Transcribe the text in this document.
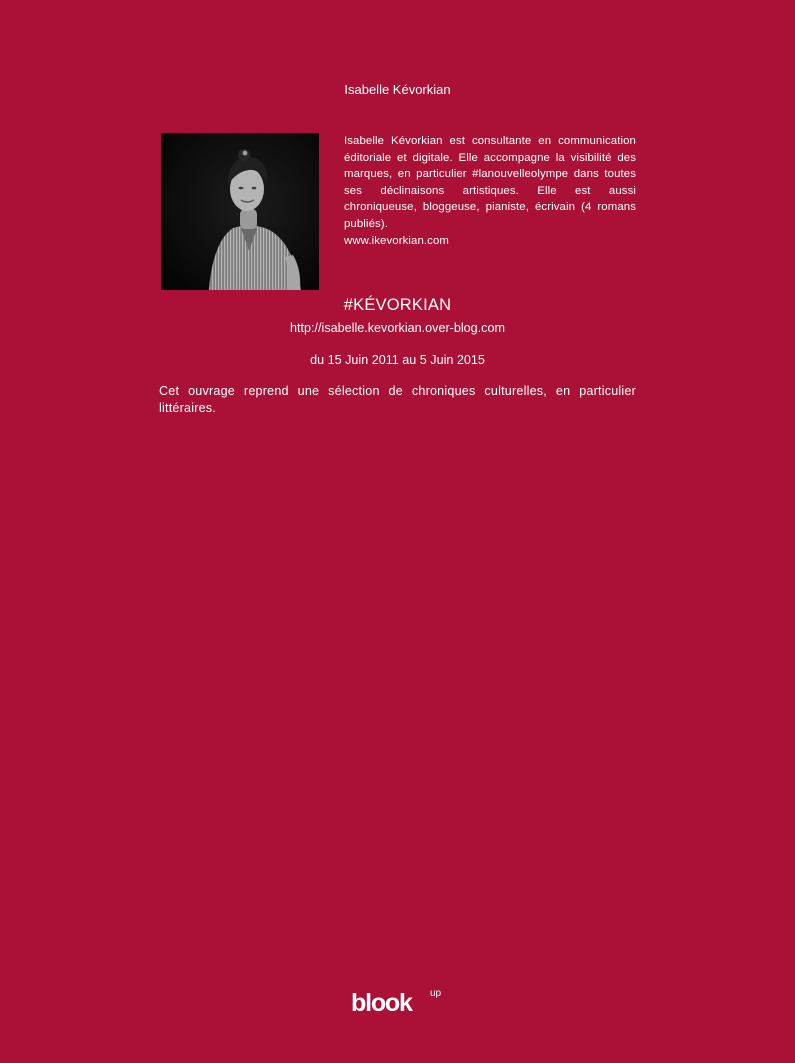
Isabelle Kévorkian
Isabelle Kévorkian est consultante en communication éditoriale et digitale. Elle accompagne la visibilité des marques, en particulier #lanouvelleolympe dans toutes ses déclinaisons artistiques. Elle est aussi chroniqueuse, bloggeuse, pianiste, écrivain (4 romans publiés).
www.ikevorkian.com
#KÉVORKIAN
http://isabelle.kevorkian.over-blog.com
du 15 Juin 2011 au 5 Juin 2015
Cet ouvrage reprend une sélection de chroniques culturelles, en particulier littéraires.
blook up
